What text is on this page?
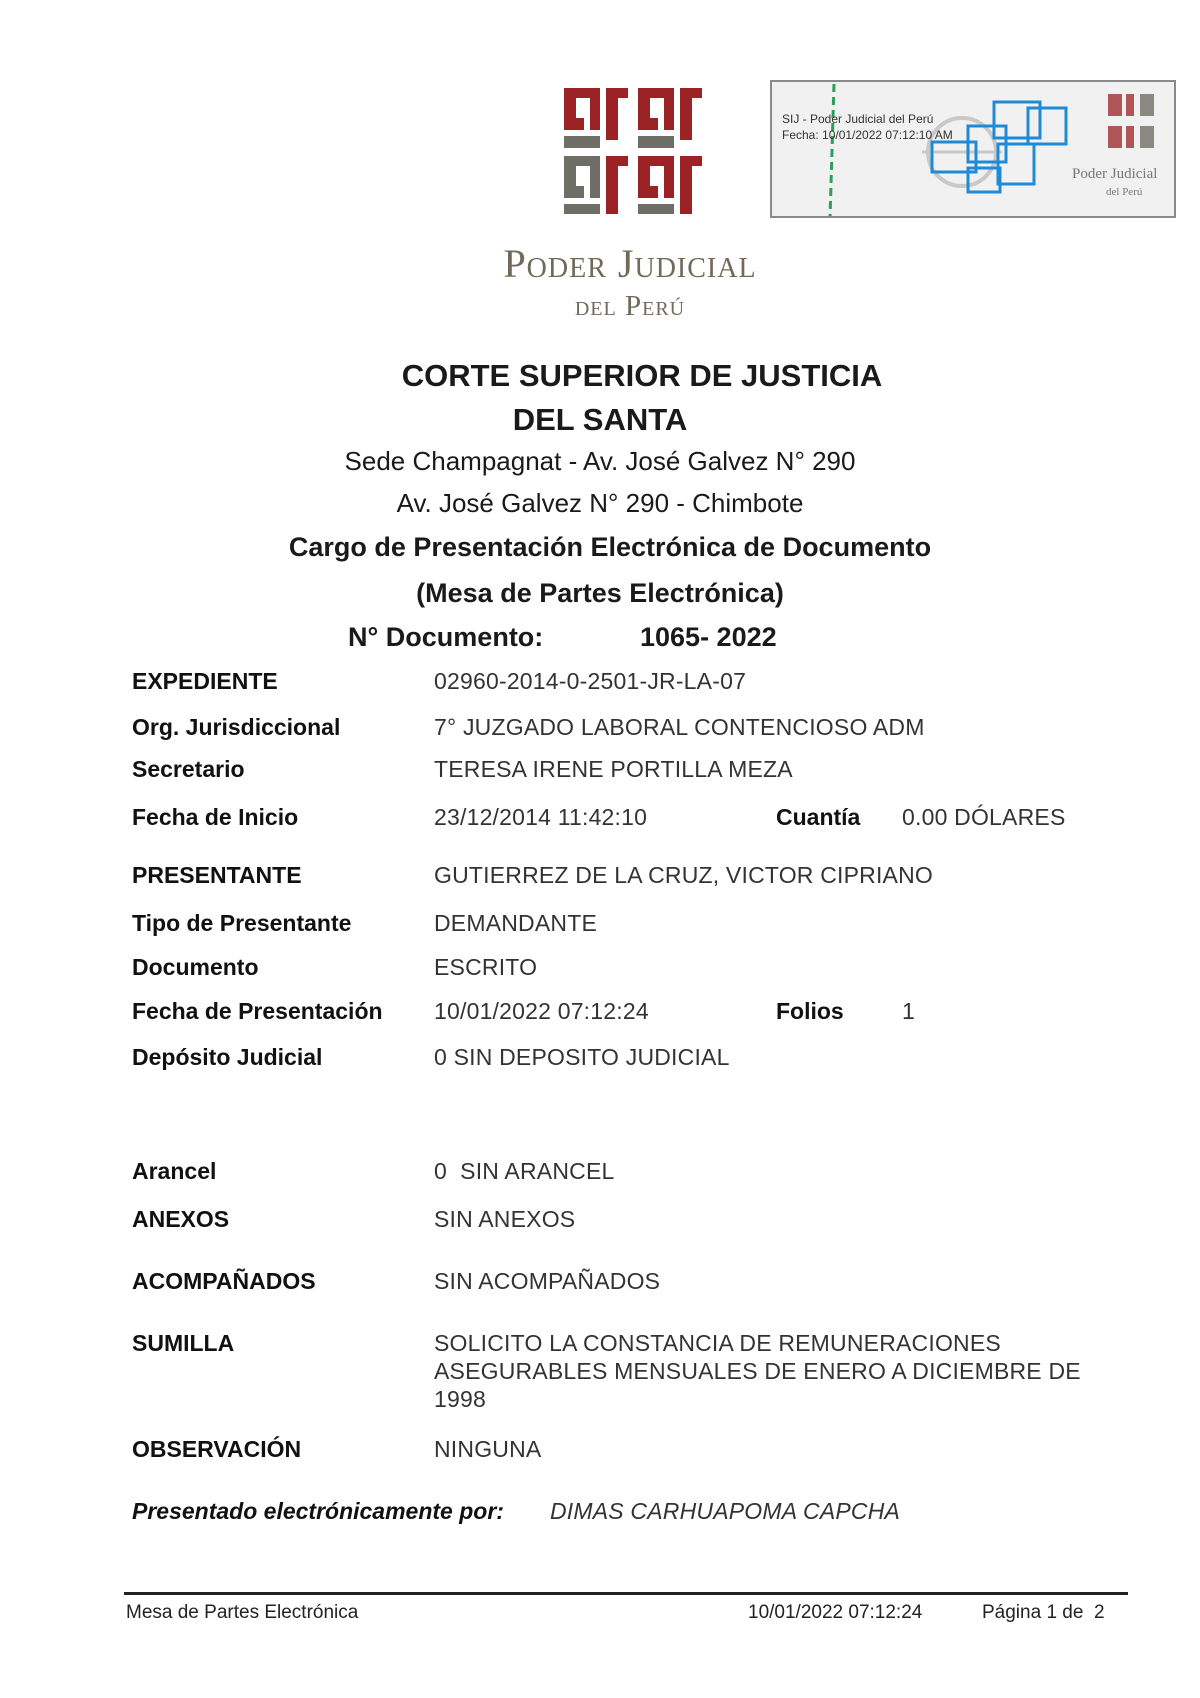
Poder Judicial
del Perú
SIJ - Poder Judicial del Perú
Fecha: 10/01/2022 07:12:10 AM
Poder Judicial
del Perú
CORTE SUPERIOR DE JUSTICIA
DEL SANTA
Sede Champagnat - Av. José Galvez N° 290
Av. José Galvez N° 290 - Chimbote
Cargo de Presentación Electrónica de Documento
(Mesa de Partes Electrónica)
N° Documento:	1065- 2022
EXPEDIENTE	02960-2014-0-2501-JR-LA-07
Org. Jurisdiccional	7° JUZGADO LABORAL CONTENCIOSO ADM
Secretario	TERESA IRENE PORTILLA MEZA
Fecha de Inicio	23/12/2014 11:42:10	Cuantía 0.00 DÓLARES
PRESENTANTE	GUTIERREZ DE LA CRUZ, VICTOR CIPRIANO
Tipo de Presentante	DEMANDANTE
Documento	ESCRITO
Fecha de Presentación 10/01/2022 07:12:24	Folios	1
Depósito Judicial	0 SIN DEPOSITO JUDICIAL
Arancel	0  SIN ARANCEL
ANEXOS	SIN ANEXOS
ACOMPAÑADOS	SIN ACOMPAÑADOS
SUMILLA	SOLICITO LA CONSTANCIA DE REMUNERACIONES
ASEGURABLES MENSUALES DE ENERO A DICIEMBRE DE
1998
OBSERVACIÓN	NINGUNA
Presentado electrónicamente por: DIMAS CARHUAPOMA CAPCHA
Mesa de Partes Electrónica	10/01/2022 07:12:24	Página 1 de  2
